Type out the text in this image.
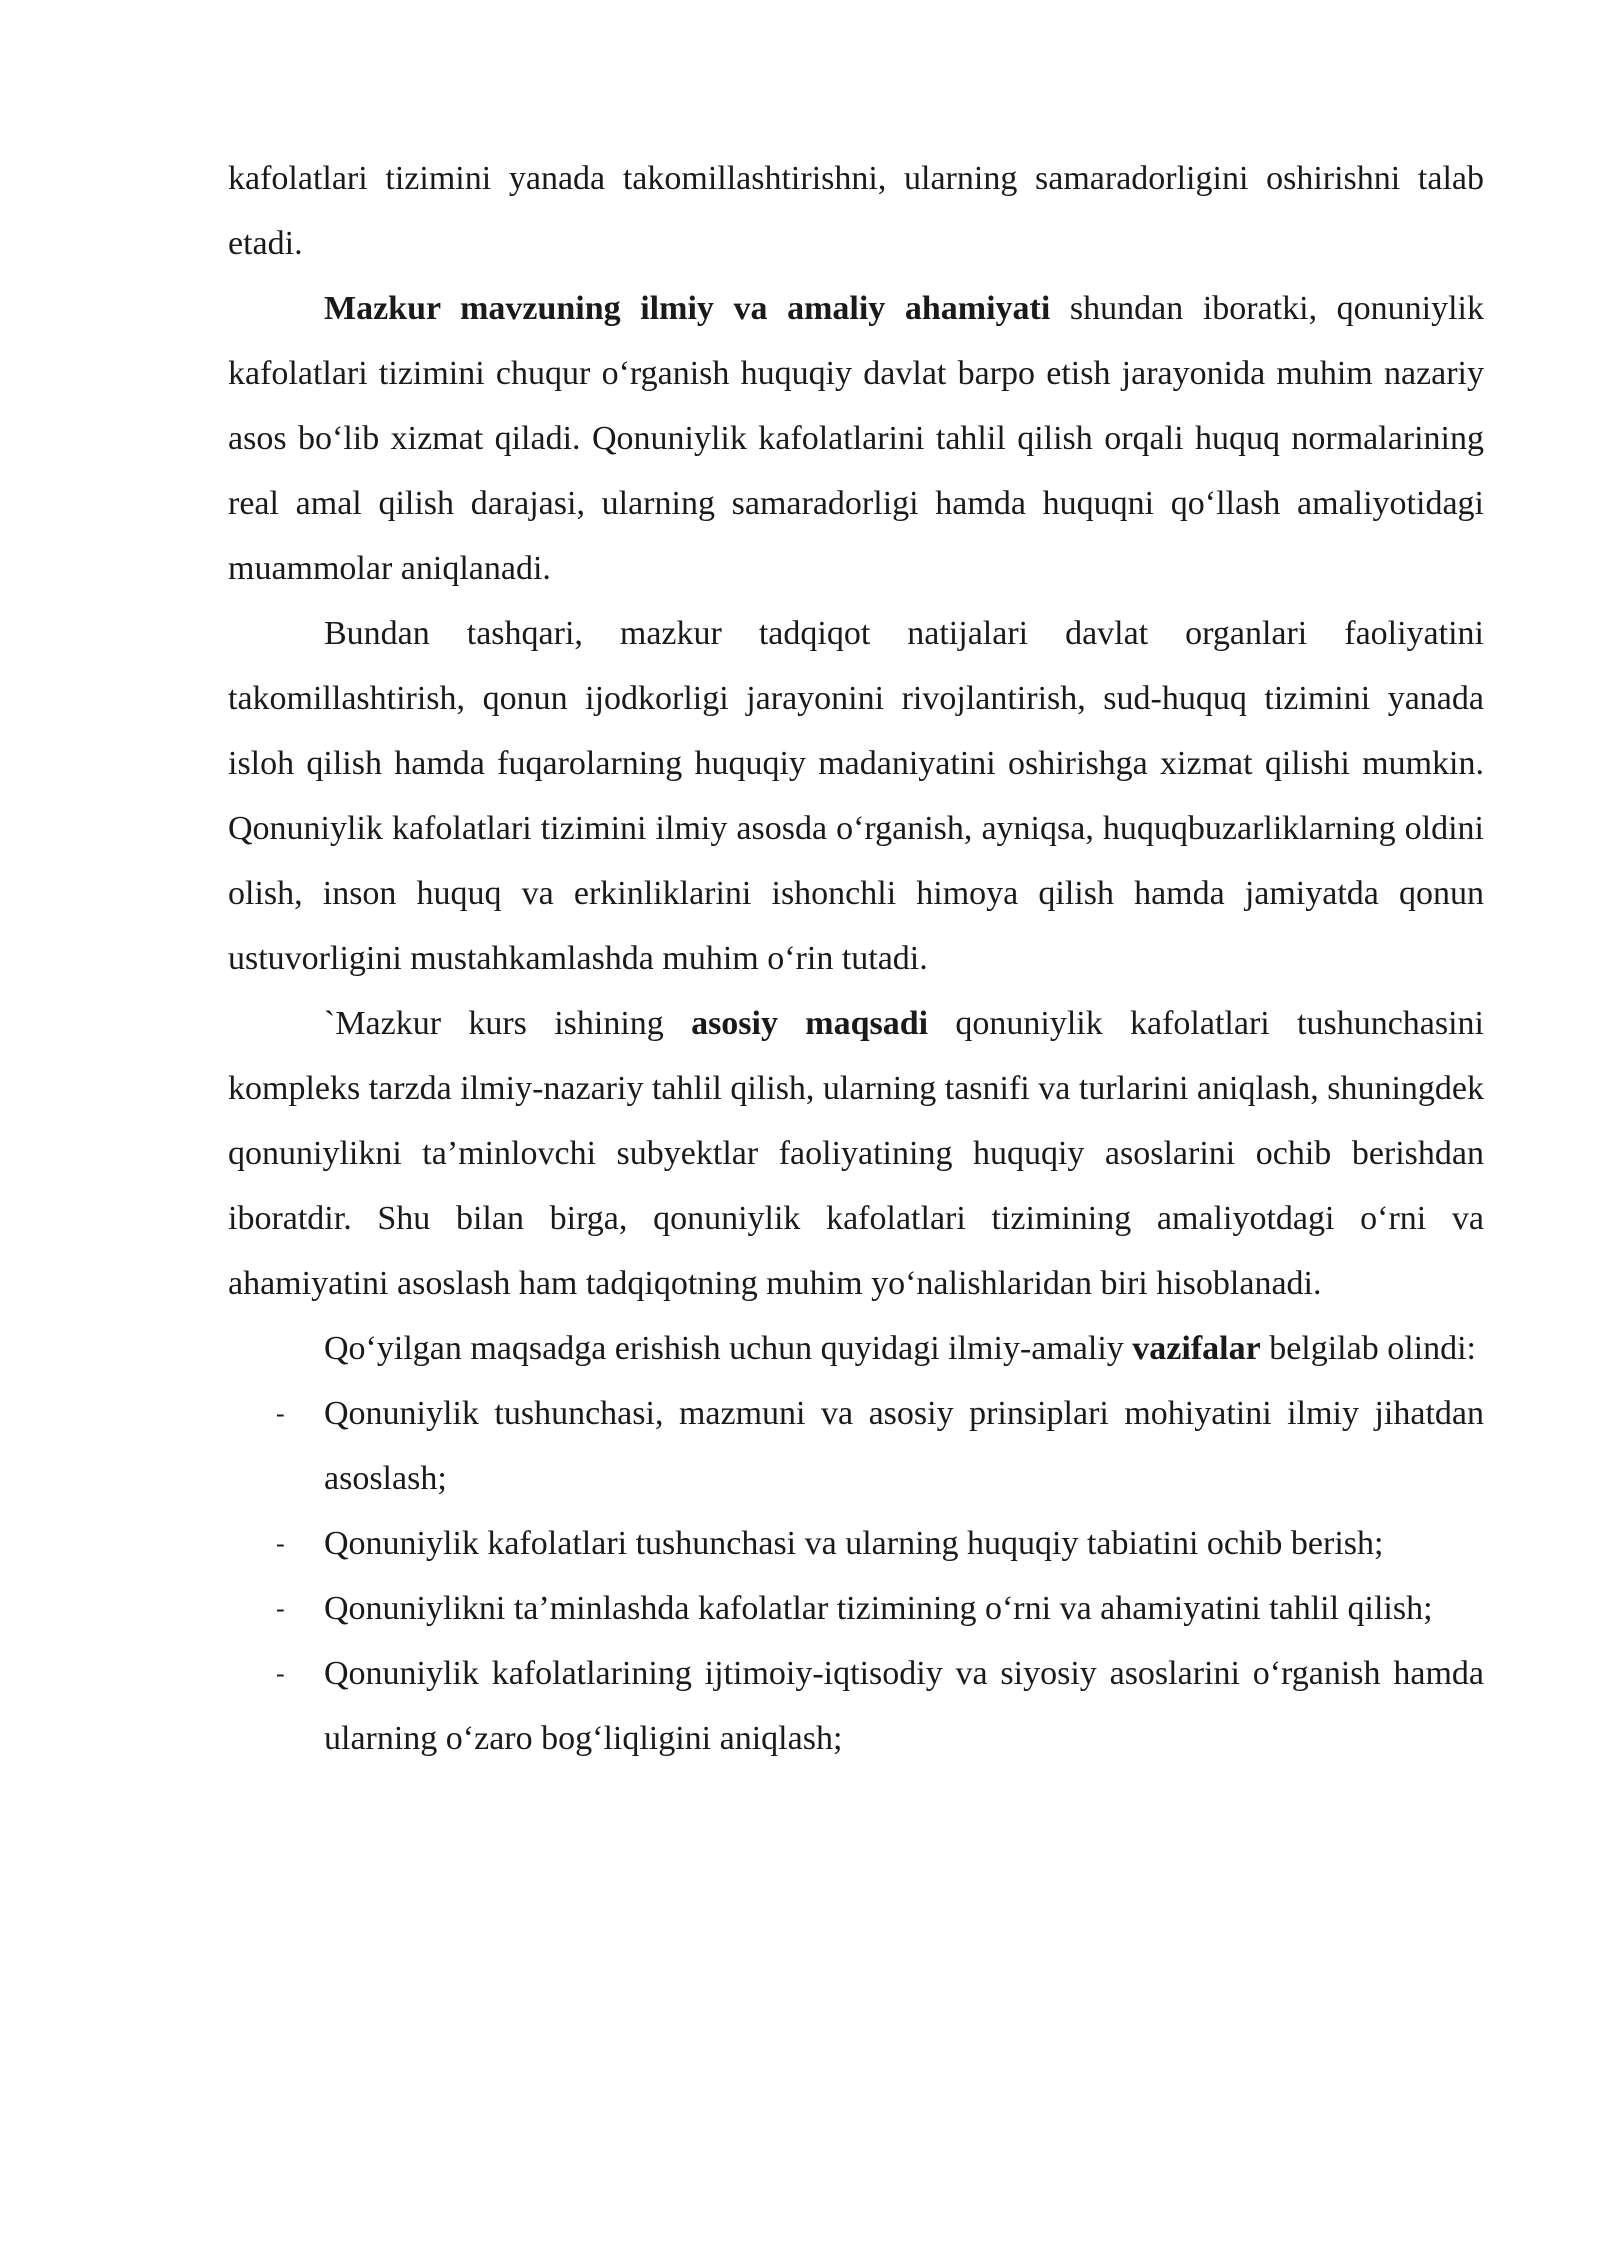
kafolatlari tizimini yanada takomillashtirishni, ularning samaradorligini oshirishni talab etadi.

Mazkur mavzuning ilmiy va amaliy ahamiyati shundan iboratki, qonuniylik kafolatlari tizimini chuqur o‘rganish huquqiy davlat barpo etish jarayonida muhim nazariy asos bo‘lib xizmat qiladi. Qonuniylik kafolatlarini tahlil qilish orqali huquq normalarining real amal qilish darajasi, ularning samaradorligi hamda huquqni qo‘llash amaliyotidagi muammolar aniqlanadi.

Bundan tashqari, mazkur tadqiqot natijalari davlat organlari faoliyatini takomillashtirish, qonun ijodkorligi jarayonini rivojlantirish, sud-huquq tizimini yanada isloh qilish hamda fuqarolarning huquqiy madaniyatini oshirishga xizmat qilishi mumkin. Qonuniylik kafolatlari tizimini ilmiy asosda o‘rganish, ayniqsa, huquqbuzarliklarning oldini olish, inson huquq va erkinliklarini ishonchli himoya qilish hamda jamiyatda qonun ustuvorligini mustahkamlashda muhim o‘rin tutadi.

`Mazkur kurs ishining asosiy maqsadi qonuniylik kafolatlari tushunchasini kompleks tarzda ilmiy-nazariy tahlil qilish, ularning tasnifi va turlarini aniqlash, shuningdek qonuniylikni ta’minlovchi subyektlar faoliyatining huquqiy asoslarini ochib berishdan iboratdir. Shu bilan birga, qonuniylik kafolatlari tizimining amaliyotdagi o‘rni va ahamiyatini asoslash ham tadqiqotning muhim yo‘nalishlaridan biri hisoblanadi.

Qo‘yilgan maqsadga erishish uchun quyidagi ilmiy-amaliy vazifalar belgilab olindi:

- Qonuniylik tushunchasi, mazmuni va asosiy prinsiplari mohiyatini ilmiy jihatdan asoslash;
- Qonuniylik kafolatlari tushunchasi va ularning huquqiy tabiatini ochib berish;
- Qonuniylikni ta’minlashda kafolatlar tizimining o‘rni va ahamiyatini tahlil qilish;
- Qonuniylik kafolatlarining ijtimoiy-iqtisodiy va siyosiy asoslarini o‘rganish hamda ularning o‘zaro bog‘liqligini aniqlash;
